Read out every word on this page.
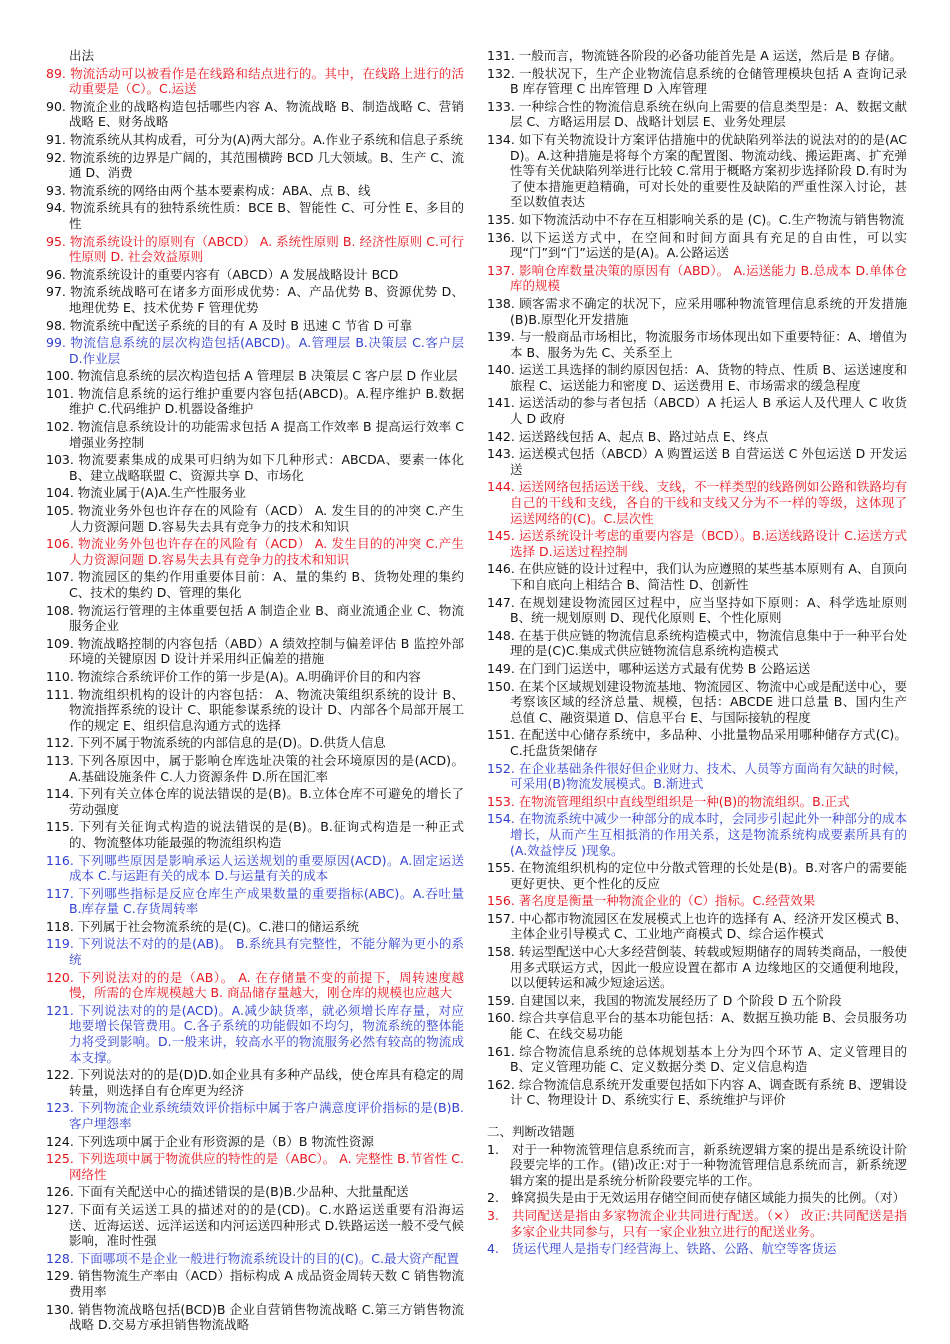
出法
89. 物流活动可以被看作是在线路和结点进行的。其中，在线路上进行的活动重要是（C）。C.运送
90. 物流企业的战略构造包括哪些内容 A、物流战略 B、制造战略 C、营销战略 E、财务战略
91. 物流系统从其构成看，可分为(A)两大部分。A.作业子系统和信息子系统
92. 物流系统的边界是广阔的，其范围横跨 BCD 几大领域。B、生产 C、流通 D、消费
93. 物流系统的网络由两个基本要素构成：ABA、点 B、线
94. 物流系统具有的独特系统性质：BCE B、智能性 C、可分性 E、多目的性
95. 物流系统设计的原则有（ABCD） A. 系统性原则 B. 经济性原则 C.可行性原则 D. 社会效益原则
96. 物流系统设计的重要内容有（ABCD）A 发展战略设计 BCD
97. 物流系统战略可在诸多方面形成优势：A、产品优势 B、资源优势 D、地理优势 E、技术优势 F 管理优势
98. 物流系统中配送子系统的目的有 A 及时 B 迅速 C 节省 D 可靠
99. 物流信息系统的层次构造包括(ABCD)。A.管理层 B.决策层 C.客户层 D.作业层
100. 物流信息系统的层次构造包括 A 管理层 B 决策层 C 客户层 D 作业层
101. 物流信息系统的运行维护重要内容包括(ABCD)。A.程序维护 B.数据维护 C.代码维护 D.机器设备维护
102. 物流信息系统设计的功能需求包括 A 提高工作效率 B 提高运行效率 C 增强业务控制
103. 物流要素集成的成果可归纳为如下几种形式：ABCDA、要素一体化 B、建立战略联盟 C、资源共享 D、市场化
104. 物流业属于(A)A.生产性服务业
105. 物流业务外包也许存在的风险有（ACD） A. 发生目的的冲突 C.产生人力资源问题 D.容易失去具有竞争力的技术和知识
106. 物流业务外包也许存在的风险有（ACD） A. 发生目的的冲突 C.产生人力资源问题 D.容易失去具有竞争力的技术和知识
107. 物流园区的集约作用重要体目前：A、量的集约 B、货物处理的集约 C、技术的集约 D、管理的集化
108. 物流运行管理的主体重要包括 A 制造企业 B、商业流通企业 C、物流服务企业
109. 物流战略控制的内容包括（ABD）A 绩效控制与偏差评估 B 监控外部环境的关键原因 D 设计并采用纠正偏差的措施
110. 物流综合系统评价工作的第一步是(A)。A.明确评价目的和内容
111. 物流组织机构的设计的内容包括： A、物流决策组织系统的设计 B、物流指挥系统的设计 C、职能参谋系统的设计 D、内部各个局部开展工作的规定 E、组织信息沟通方式的选择
112. 下列不属于物流系统的内部信息的是(D)。D.供货人信息
113. 下列各原因中，属于影响仓库选址决策的社会环境原因的是(ACD)。A.基础设施条件 C.人力资源条件 D.所在国汇率
114. 下列有关立体仓库的说法错误的是(B)。B.立体仓库不可避免的增长了劳动强度
115. 下列有关征询式构造的说法错误的是(B)。B.征询式构造是一种正式的、物流整体功能最强的物流组织构造
116. 下列哪些原因是影响承运人运送规划的重要原因(ACD)。A.固定运送成本 C.与运距有关的成本 D.与运量有关的成本
117. 下列哪些指标是反应仓库生产成果数量的重要指标(ABC)。A.吞吐量 B.库存量 C.存货周转率
118. 下列属于社会物流系统的是(C)。C.港口的储运系统
119. 下列说法不对的的是(AB)。 B.系统具有完整性，不能分解为更小的系统
120. 下列说法对的的是（AB）。 A. 在存储量不变的前提下，周转速度越慢，所需的仓库规模越大 B. 商品储存量越大，刚仓库的规模也应越大
121. 下列说法对的的是(ACD)。A.减少缺货率，就必须增长库存量，对应地要增长保管费用。C.各子系统的功能假如不均匀，物流系统的整体能力将受到影响。D.一般来讲，较高水平的物流服务必然有较高的物流成本支撑。
122. 下列说法对的的是(D)D.如企业具有多种产品线，使仓库具有稳定的周转量，则选择自有仓库更为经济
123. 下列物流企业系统绩效评价指标中属于客户满意度评价指标的是(B)B.客户埋怨率
124. 下列选项中属于企业有形资源的是（B）B 物流性资源
125. 下列选项中属于物流供应的特性的是（ABC）。 A. 完整性 B.节省性 C.网络性
126. 下面有关配送中心的描述错误的是(B)B.少品种、大批量配送
127. 下面有关运送工具的描述对的的是(CD)。C.水路运送重要有沿海运送、近海运送、远洋运送和内河运送四种形式 D.铁路运送一般不受气候影响，准时性强
128. 下面哪项不是企业一般进行物流系统设计的目的(C)。C.最大资产配置
129. 销售物流生产率由（ACD）指标构成 A 成品资金周转天数 C 销售物流费用率
130. 销售物流战略包括(BCD)B 企业自营销售物流战略 C.第三方销售物流战略 D.交易方承担销售物流战略
131. 一般而言，物流链各阶段的必备功能首先是 A 运送，然后是 B 存储。
132. 一般状况下，生产企业物流信息系统的仓储管理模块包括 A 查询记录 B 库存管理 C 出库管理 D 入库管理
133. 一种综合性的物流信息系统在纵向上需要的信息类型是：A、数据文献层 C、方略运用层 D、战略计划层 E、业务处理层
134. 如下有关物流设计方案评估措施中的优缺陷列举法的说法对的的是(ACD)。A.这种措施是将每个方案的配置图、物流动线、搬运距离、扩充弹性等有关优缺陷列举进行比较 C.常用于概略方案初步选择阶段 D.有时为了使本措施更趋精确，可对长处的重要性及缺陷的严重性深入讨论，甚至以数值表达
135. 如下物流活动中不存在互相影响关系的是 (C)。C.生产物流与销售物流
136. 以下运送方式中，在空间和时间方面具有充足的自由性，可以实现“门”到“门”运送的是(A)。A.公路运送
137. 影响仓库数量决策的原因有（ABD）。 A.运送能力 B.总成本 D.单体仓库的规模
138. 顾客需求不确定的状况下，应采用哪种物流管理信息系统的开发措施(B)B.原型化开发措施
139. 与一般商品市场相比，物流服务市场体现出如下重要特征：A、增值为本 B、服务为先 C、关系至上
140. 运送工具选择的制约原因包括：A、货物的特点、性质 B、运送速度和旅程 C、运送能力和密度 D、运送费用 E、市场需求的缓急程度
141. 运送活动的参与者包括（ABCD）A 托运人 B 承运人及代理人 C 收货人 D 政府
142. 运送路线包括 A、起点 B、路过站点 E、终点
143. 运送模式包括（ABCD）A 购置运送 B 自营运送 C 外包运送 D 开发运送
144. 运送网络包括运送干线、支线，不一样类型的线路例如公路和铁路均有自己的干线和支线，各自的干线和支线又分为不一样的等级，这体现了运送网络的(C)。C.层次性
145. 运送系统设计考虑的重要内容是（BCD）。B.运送线路设计 C.运送方式选择 D.运送过程控制
146. 在供应链的设计过程中，我们认为应遵照的某些基本原则有 A、自顶向下和自底向上相结合 B、简洁性 D、创新性
147. 在规划建设物流园区过程中，应当坚持如下原则：A、科学选址原则 B、统一规划原则 D、现代化原则 E、个性化原则
148. 在基于供应链的物流信息系统构造模式中，物流信息集中于一种平台处理的是(C)C.集成式供应链物流信息系统构造模式
149. 在门到门运送中，哪种运送方式最有优势 B 公路运送
150. 在某个区域规划建设物流基地、物流园区、物流中心或是配送中心，要考察该区域的经济总量、规模，包括：ABCDE 进口总量 B、国内生产总值 C、融资渠道 D、信息平台 E、与国际接轨的程度
151. 在配送中心储存系统中，多品种、小批量物品采用哪种储存方式(C)。C.托盘货架储存
152. 在企业基础条件很好但企业财力、技术、人员等方面尚有欠缺的时候，可采用(B)物流发展模式。B.渐进式
153. 在物流管理组织中直线型组织是一种(B)的物流组织。B.正式
154. 在物流系统中减少一种部分的成本时，会同步引起此外一种部分的成本增长，从而产生互相抵消的作用关系，这是物流系统构成要素所具有的(A.效益悖反 )现象。
155. 在物流组织机构的定位中分散式管理的长处是(B)。B.对客户的需要能更好更快、更个性化的反应
156. 著名度是衡量一种物流企业的（C）指标。C.经营效果
157. 中心都市物流园区在发展模式上也许的选择有 A、经济开发区模式 B、主体企业引导模式 C、工业地产商模式 D、综合运作模式
158. 转运型配送中心大多经营倒装、转载或短期储存的周转类商品，一般使用多式联运方式，因此一般应设置在都市 A 边缘地区的交通便利地段，以以便转运和减少短途运送。
159. 自建国以来，我国的物流发展经历了 D 个阶段 D 五个阶段
160. 综合共享信息平台的基本功能包括：A、数据互换功能 B、会员服务功能 C、在线交易功能
161. 综合物流信息系统的总体规划基本上分为四个环节 A、定义管理目的 B、定义管理功能 C、定义数据分类 D、定义信息构造
162. 综合物流信息系统开发重要包括如下内容 A、调查既有系统 B、逻辑设计 C、物理设计 D、系统实行 E、系统维护与评价
二、判断改错题
1.　对于一种物流管理信息系统而言，新系统逻辑方案的提出是系统设计阶段要完毕的工作。(错)改正:对于一种物流管理信息系统而言，新系统逻辑方案的提出是系统分析阶段要完毕的工作。
2.　蜂窝损失是由于无效运用存储空间而使存储区域能力损失的比例。（对）
3.　共同配送是指由多家物流企业共同进行配送。（×） 改正:共同配送是指多家企业共同参与，只有一家企业独立进行的配送业务。
4.　货运代理人是指专门经营海上、铁路、公路、航空等客货运
